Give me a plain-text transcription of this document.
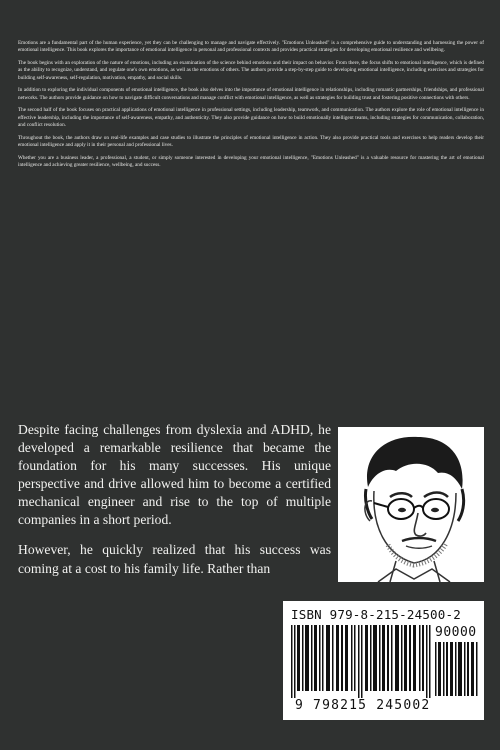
Emotions are a fundamental part of the human experience, yet they can be challenging to manage and navigate effectively. "Emotions Unleashed" is a comprehensive guide to understanding and harnessing the power of emotional intelligence. This book explores the importance of emotional intelligence in personal and professional contexts and provides practical strategies for developing emotional resilience and wellbeing.

The book begins with an exploration of the nature of emotions, including an examination of the science behind emotions and their impact on behavior. From there, the focus shifts to emotional intelligence, which is defined as the ability to recognize, understand, and regulate one's own emotions, as well as the emotions of others. The authors provide a step-by-step guide to developing emotional intelligence, including exercises and strategies for building self-awareness, self-regulation, motivation, empathy, and social skills.

In addition to exploring the individual components of emotional intelligence, the book also delves into the importance of emotional intelligence in relationships, including romantic partnerships, friendships, and professional networks. The authors provide guidance on how to navigate difficult conversations and manage conflict with emotional intelligence, as well as strategies for building trust and fostering positive connections with others.

The second half of the book focuses on practical applications of emotional intelligence in professional settings, including leadership, teamwork, and communication. The authors explore the role of emotional intelligence in effective leadership, including the importance of self-awareness, empathy, and authenticity. They also provide guidance on how to build emotionally intelligent teams, including strategies for communication, collaboration, and conflict resolution.

Throughout the book, the authors draw on real-life examples and case studies to illustrate the principles of emotional intelligence in action. They also provide practical tools and exercises to help readers develop their emotional intelligence and apply it in their personal and professional lives.

Whether you are a business leader, a professional, a student, or simply someone interested in developing your emotional intelligence, "Emotions Unleashed" is a valuable resource for mastering the art of emotional intelligence and achieving greater resilience, wellbeing, and success.

Despite facing challenges from dyslexia and ADHD, he developed a remarkable resilience that became the foundation for his many successes. His unique perspective and drive allowed him to become a certified mechanical engineer and rise to the top of multiple companies in a short period.

However, he quickly realized that his success was coming at a cost to his family life. Rather than

ISBN 979-8-215-24500-2
90000
9 798215 245002
